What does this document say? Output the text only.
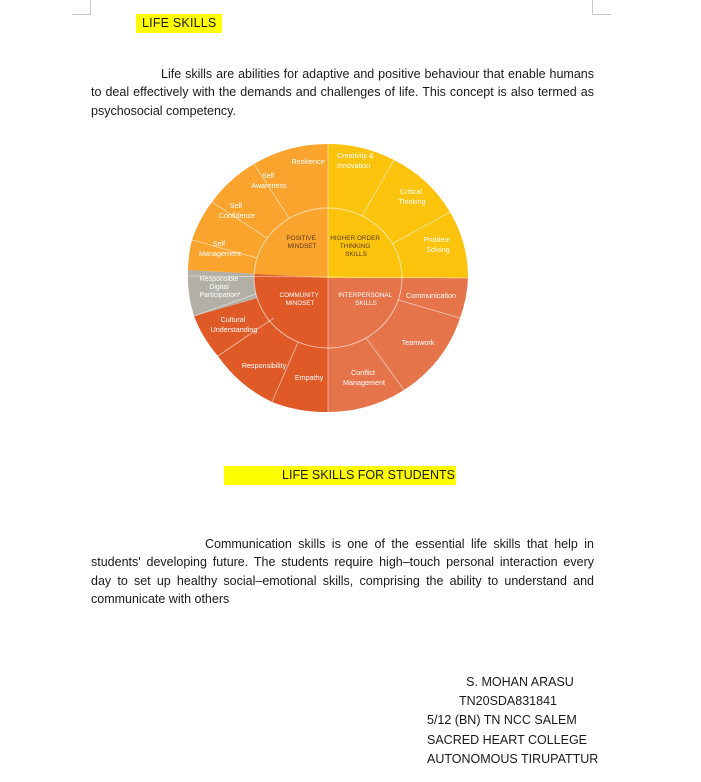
LIFE SKILLS

Life skills are abilities for adaptive and positive behaviour that enable humans to deal effectively with the demands and challenges of life. This concept is also termed as psychosocial competency.

POSITIVE MINDSET
HIGHER ORDER THINKING SKILLS
INTERPERSONAL SKILLS
COMMUNITY MINDSET
Resilience
Self Awareness
Self Confidence
Self Management
Creativity & Innovation
Critical Thinking
Problem Solving
Communication
Teamwork
Conflict Management
Empathy
Responsibility
Cultural Understanding
Responsible Digital Participation*
LIFE SKILLS FOR STUDENTS

Communication skills is one of the essential life skills that help in students' developing future. The students require high–touch personal interaction every day to set up healthy social–emotional skills, comprising the ability to understand and communicate with others

S. MOHAN ARASU
TN20SDA831841
5/12 (BN) TN NCC SALEM
SACRED HEART COLLEGE
AUTONOMOUS TIRUPATTUR
